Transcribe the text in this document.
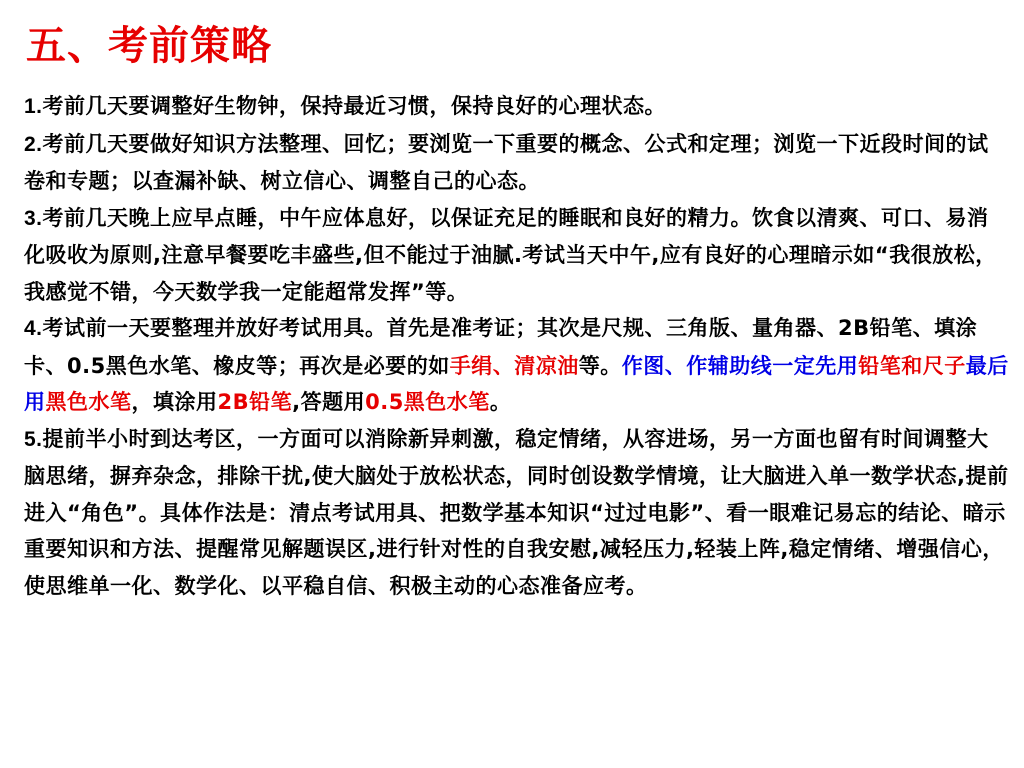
五、考前策略

1.考前几天要调整好生物钟，保持最近习惯，保持良好的心理状态。

2.考前几天要做好知识方法整理、回忆；要浏览一下重要的概念、公式和定理；浏览一下近段时间的试卷和专题；以查漏补缺、树立信心、调整自己的心态。

3.考前几天晚上应早点睡，中午应体息好，以保证充足的睡眠和良好的精力。饮食以清爽、可口、易消化吸收为原则,注意早餐要吃丰盛些,但不能过于油腻.考试当天中午,应有良好的心理暗示如“我很放松，我感觉不错，今天数学我一定能超常发挥”等。

4.考试前一天要整理并放好考试用具。首先是准考证；其次是尺规、三角版、量角器、2B铅笔、填涂卡、0.5黑色水笔、橡皮等；再次是必要的如手绢、清凉油等。作图、作辅助线一定先用铅笔和尺子最后用黑色水笔，填涂用2B铅笔,答题用0.5黑色水笔。

5.提前半小时到达考区，一方面可以消除新异刺激，稳定情绪，从容进场，另一方面也留有时间调整大脑思绪，摒弃杂念，排除干扰,使大脑处于放松状态，同时创设数学情境，让大脑进入单一数学状态,提前进入“角色”。具体作法是：清点考试用具、把数学基本知识“过过电影”、看一眼难记易忘的结论、暗示重要知识和方法、提醒常见解题误区,进行针对性的自我安慰,减轻压力,轻装上阵,稳定情绪、增强信心，使思维单一化、数学化、以平稳自信、积极主动的心态准备应考。
